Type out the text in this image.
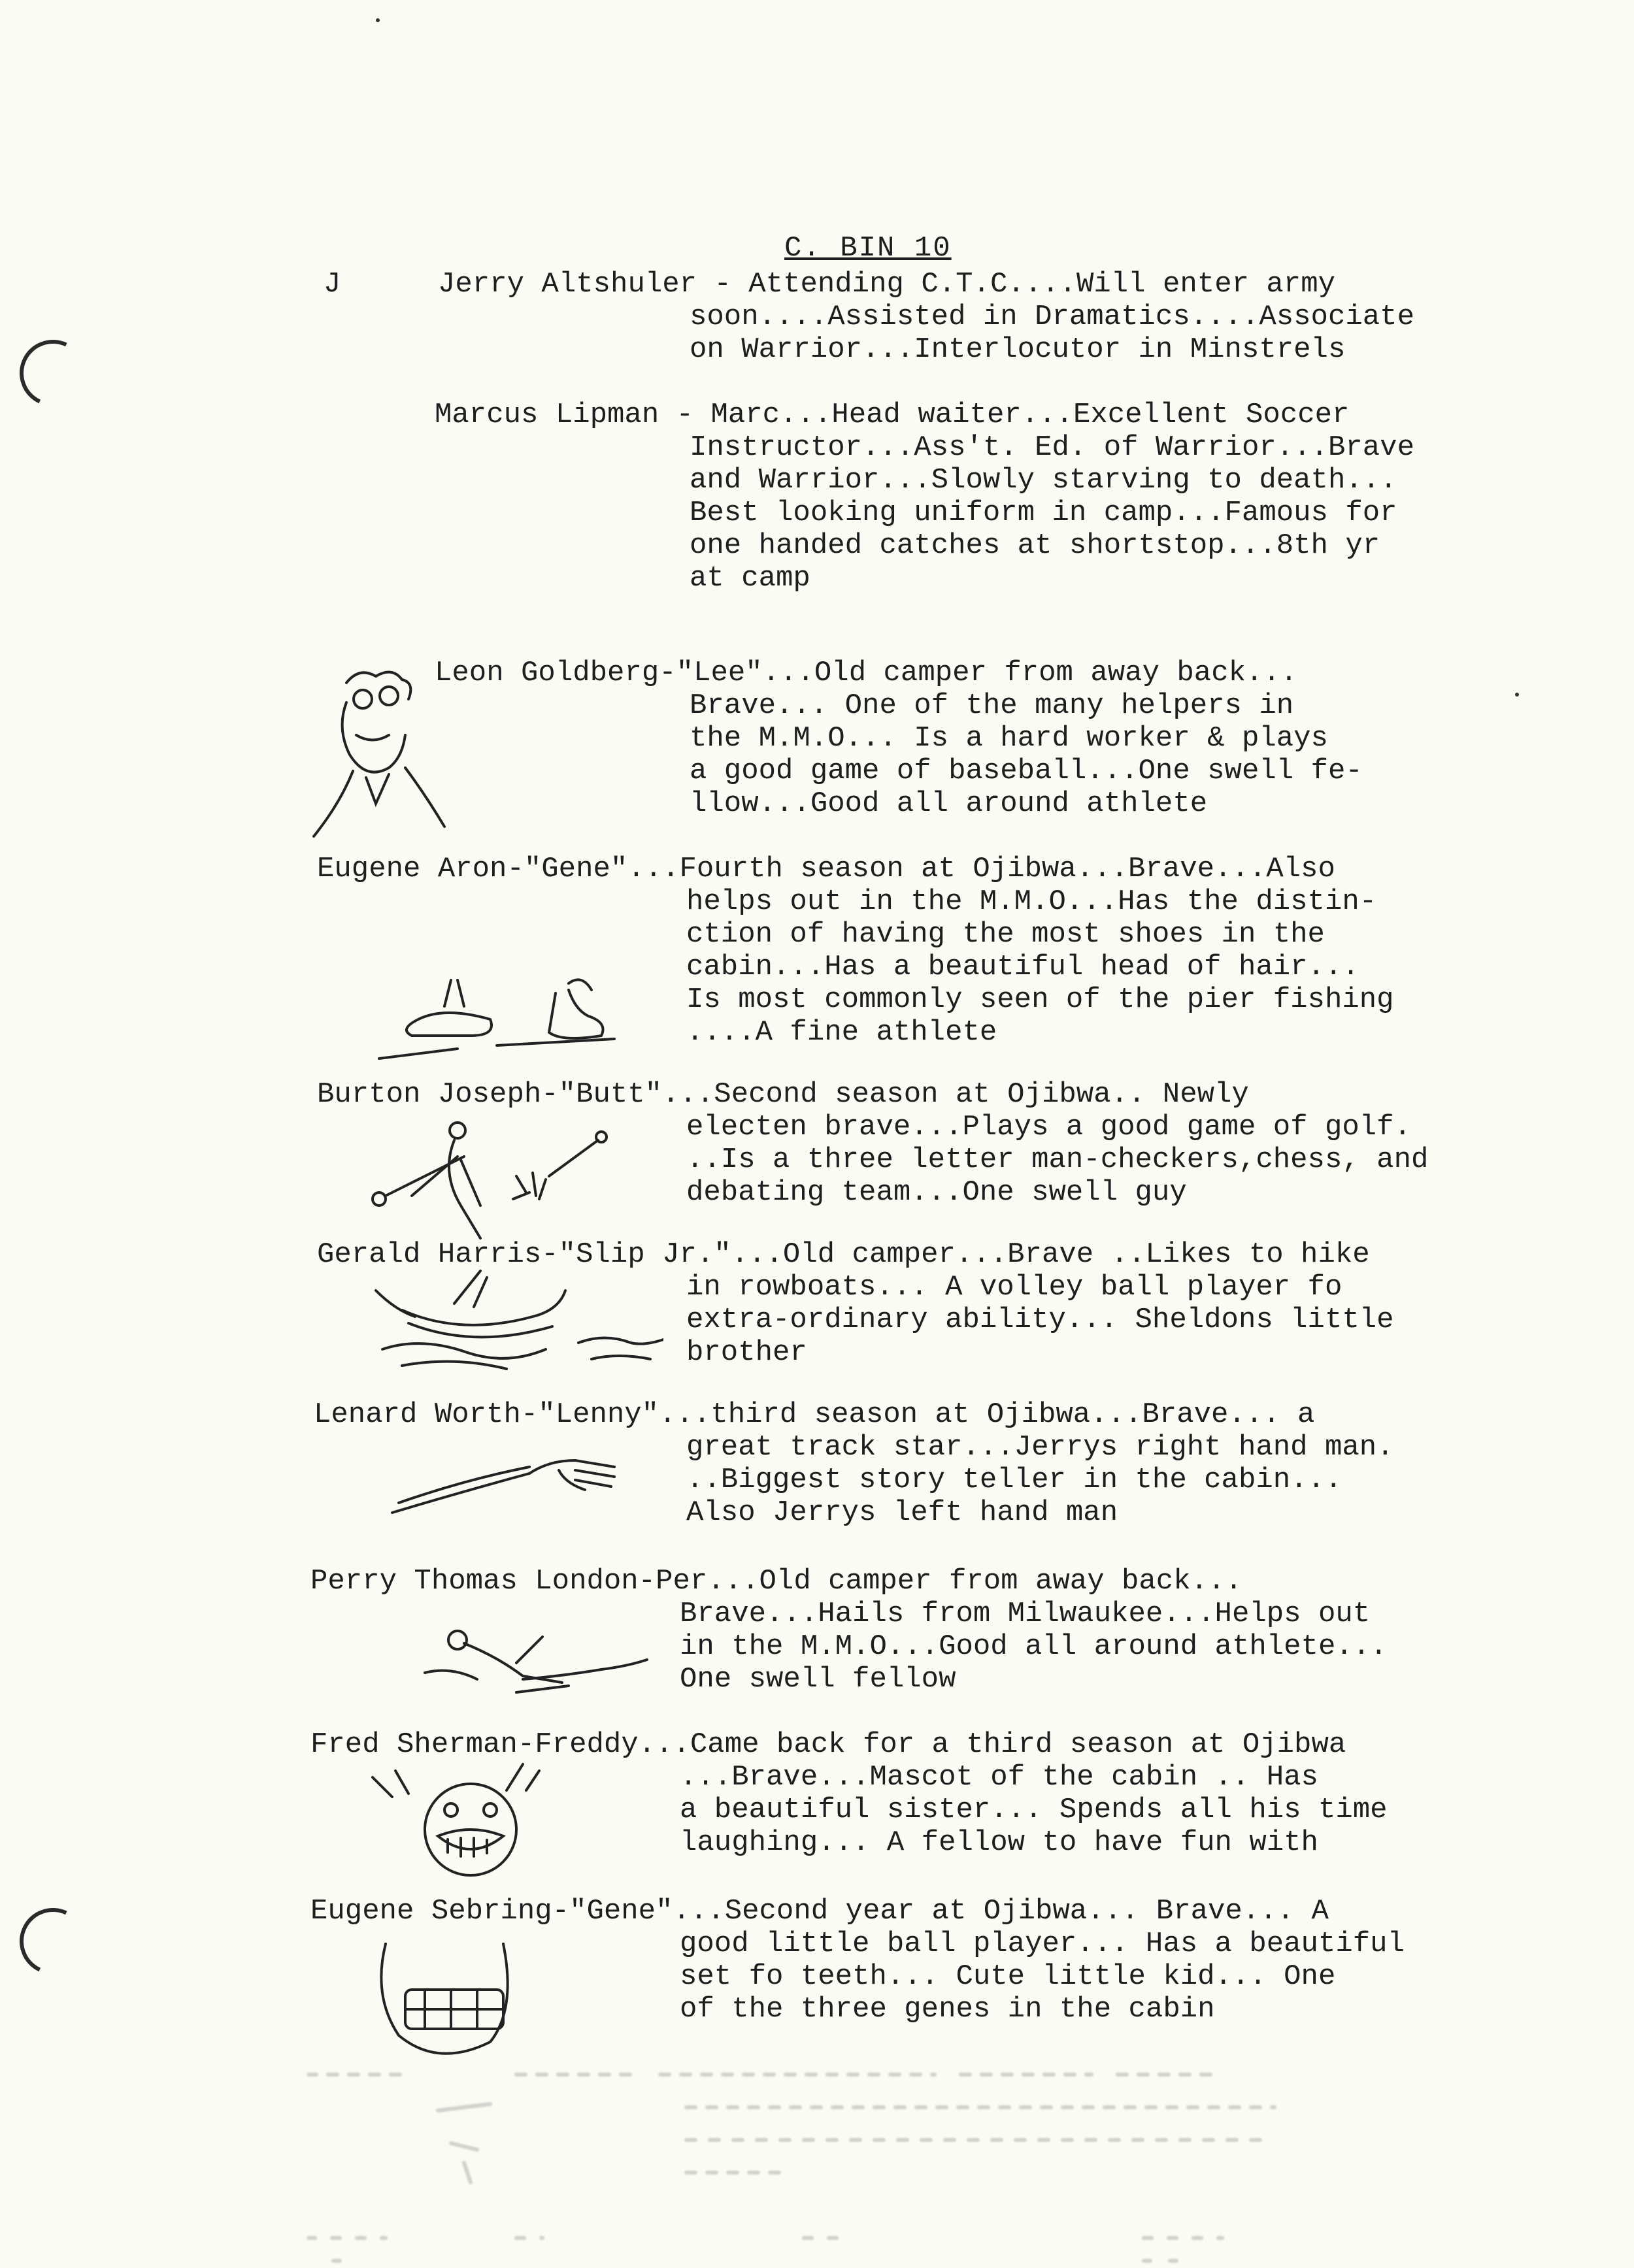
C. BIN 10
J	Jerry Altshuler - Attending C.T.C....Will enter army
soon....Assisted in Dramatics....Associate
on Warrior...Interlocutor in Minstrels
Marcus Lipman - Marc...Head waiter...Excellent Soccer
Instructor...Ass't. Ed. of Warrior...Brave
and Warrior...Slowly starving to death...
Best looking uniform in camp...Famous for
one handed catches at shortstop...8th yr
at camp
Leon Goldberg-"Lee"...Old camper from away back...
Brave... One of the many helpers in
the M.M.O... Is a hard worker & plays
a good game of baseball...One swell fe-
llow...Good all around athlete
Eugene Aron-"Gene"...Fourth season at Ojibwa...Brave...Also
helps out in the M.M.O...Has the distin-
ction of having the most shoes in the
cabin...Has a beautiful head of hair...
Is most commonly seen of the pier fishing
....A fine athlete
Burton Joseph-"Butt"...Second season at Ojibwa.. Newly
electen brave...Plays a good game of golf.
..Is a three letter man-checkers,chess, and
debating team...One swell guy
Gerald Harris-"Slip Jr."...Old camper...Brave ..Likes to hike
in rowboats... A volley ball player fo
extra-ordinary ability... Sheldons little
brother
Lenard Worth-"Lenny"...third season at Ojibwa...Brave... a
great track star...Jerrys right hand man.
..Biggest story teller in the cabin...
Also Jerrys left hand man
Perry Thomas London-Per...Old camper from away back...
Brave...Hails from Milwaukee...Helps out
in the M.M.O...Good all around athlete...
One swell fellow
Fred Sherman-Freddy...Came back for a third season at Ojibwa
...Brave...Mascot of the cabin .. Has
a beautiful sister... Spends all his time
laughing... A fellow to have fun with
Eugene Sebring-"Gene"...Second year at Ojibwa... Brave... A
good little ball player... Has a beautiful
set fo teeth... Cute little kid... One
of the three genes in the cabin
